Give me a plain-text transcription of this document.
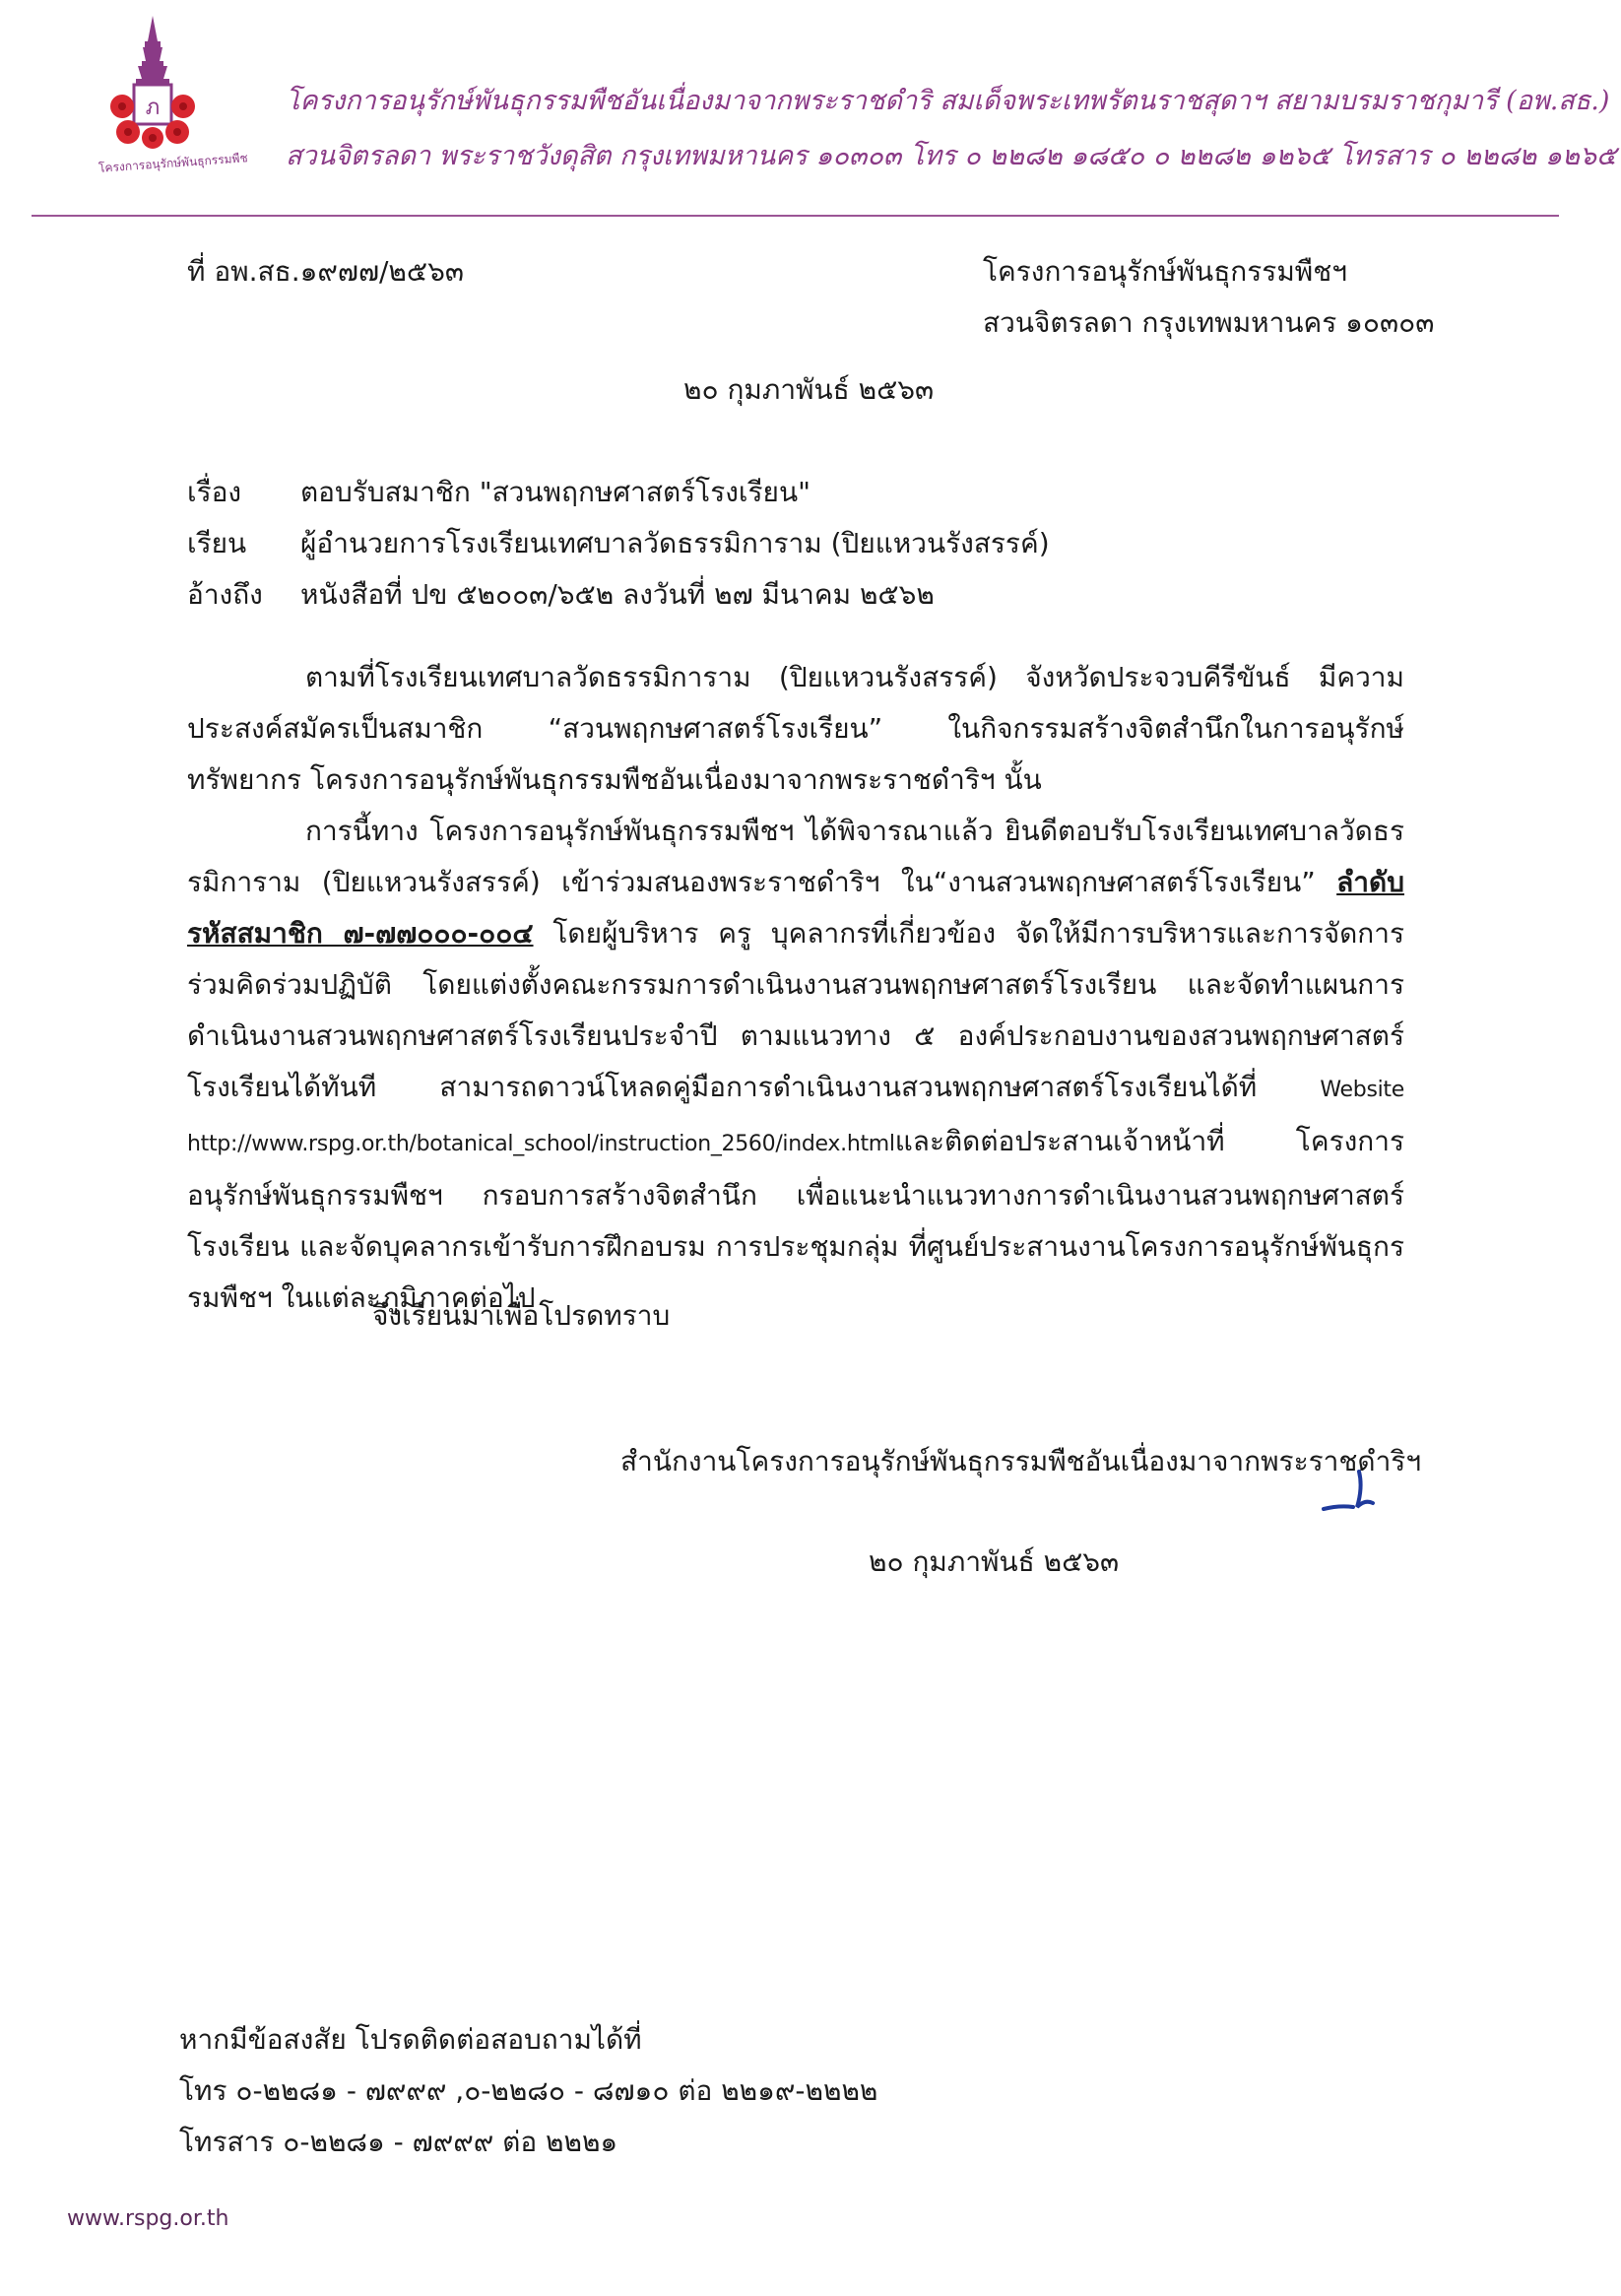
ภ
โครงการอนุรักษ์พันธุกรรมพืช
โครงการอนุรักษ์พันธุกรรมพืชอันเนื่องมาจากพระราชดำริ สมเด็จพระเทพรัตนราชสุดาฯ สยามบรมราชกุมารี (อพ.สธ.)
สวนจิตรลดา พระราชวังดุสิต กรุงเทพมหานคร ๑๐๓๐๓ โทร ๐ ๒๒๘๒ ๑๘๕๐ ๐ ๒๒๘๒ ๑๒๖๕ โทรสาร ๐ ๒๒๘๒ ๑๒๖๕
ที่ อพ.สธ.๑๙๗๗/๒๕๖๓	โครงการอนุรักษ์พันธุกรรมพืชฯ
สวนจิตรลดา กรุงเทพมหานคร ๑๐๓๐๓
๒๐ กุมภาพันธ์ ๒๕๖๓
เรื่อง ตอบรับสมาชิก "สวนพฤกษศาสตร์โรงเรียน"
เรียน ผู้อำนวยการโรงเรียนเทศบาลวัดธรรมิการาม (ปิยแหวนรังสรรค์)
อ้างถึง หนังสือที่ ปข ๕๒๐๐๓/๖๕๒ ลงวันที่ ๒๗ มีนาคม ๒๕๖๒

ตามที่โรงเรียนเทศบาลวัดธรรมิการาม (ปิยแหวนรังสรรค์) จังหวัดประจวบคีรีขันธ์ มีความประสงค์สมัครเป็นสมาชิก “สวนพฤกษศาสตร์โรงเรียน” ในกิจกรรมสร้างจิตสำนึกในการอนุรักษ์ทรัพยากร โครงการอนุรักษ์พันธุกรรมพืชอันเนื่องมาจากพระราชดำริฯ นั้น

การนี้ทาง โครงการอนุรักษ์พันธุกรรมพืชฯ ได้พิจารณาแล้ว ยินดีตอบรับโรงเรียนเทศบาลวัดธรรมิการาม (ปิยแหวนรังสรรค์) เข้าร่วมสนองพระราชดำริฯ ใน“งานสวนพฤกษศาสตร์โรงเรียน” ลำดับรหัสสมาชิก ๗-๗๗๐๐๐-๐๐๔ โดยผู้บริหาร ครู บุคลากรที่เกี่ยวข้อง จัดให้มีการบริหารและการจัดการ ร่วมคิดร่วมปฏิบัติ โดยแต่งตั้งคณะกรรมการดำเนินงานสวนพฤกษศาสตร์โรงเรียน และจัดทำแผนการดำเนินงานสวนพฤกษศาสตร์โรงเรียนประจำปี ตามแนวทาง ๕ องค์ประกอบงานของสวนพฤกษศาสตร์โรงเรียนได้ทันที สามารถดาวน์โหลดคู่มือการดำเนินงานสวนพฤกษศาสตร์โรงเรียนได้ที่	Website http://www.rspg.or.th/botanical_school/instruction_2560/index.htmlและติดต่อประสานเจ้าหน้าที่ โครงการอนุรักษ์พันธุกรรมพืชฯ กรอบการสร้างจิตสำนึก เพื่อแนะนำแนวทางการดำเนินงานสวนพฤกษศาสตร์โรงเรียน และจัดบุคลากรเข้ารับการฝึกอบรม การประชุมกลุ่ม ที่ศูนย์ประสานงานโครงการอนุรักษ์พันธุกรรมพืชฯ ในแต่ละภูมิภาคต่อไป

จึงเรียนมาเพื่อโปรดทราบ
สำนักงานโครงการอนุรักษ์พันธุกรรมพืชอันเนื่องมาจากพระราชดำริฯ
๒๐ กุมภาพันธ์ ๒๕๖๓
หากมีข้อสงสัย โปรดติดต่อสอบถามได้ที่
โทร ๐-๒๒๘๑ - ๗๙๙๙ ,๐-๒๒๘๐ - ๘๗๑๐ ต่อ ๒๒๑๙-๒๒๒๒
โทรสาร ๐-๒๒๘๑ - ๗๙๙๙ ต่อ ๒๒๒๑
www.rspg.or.th
